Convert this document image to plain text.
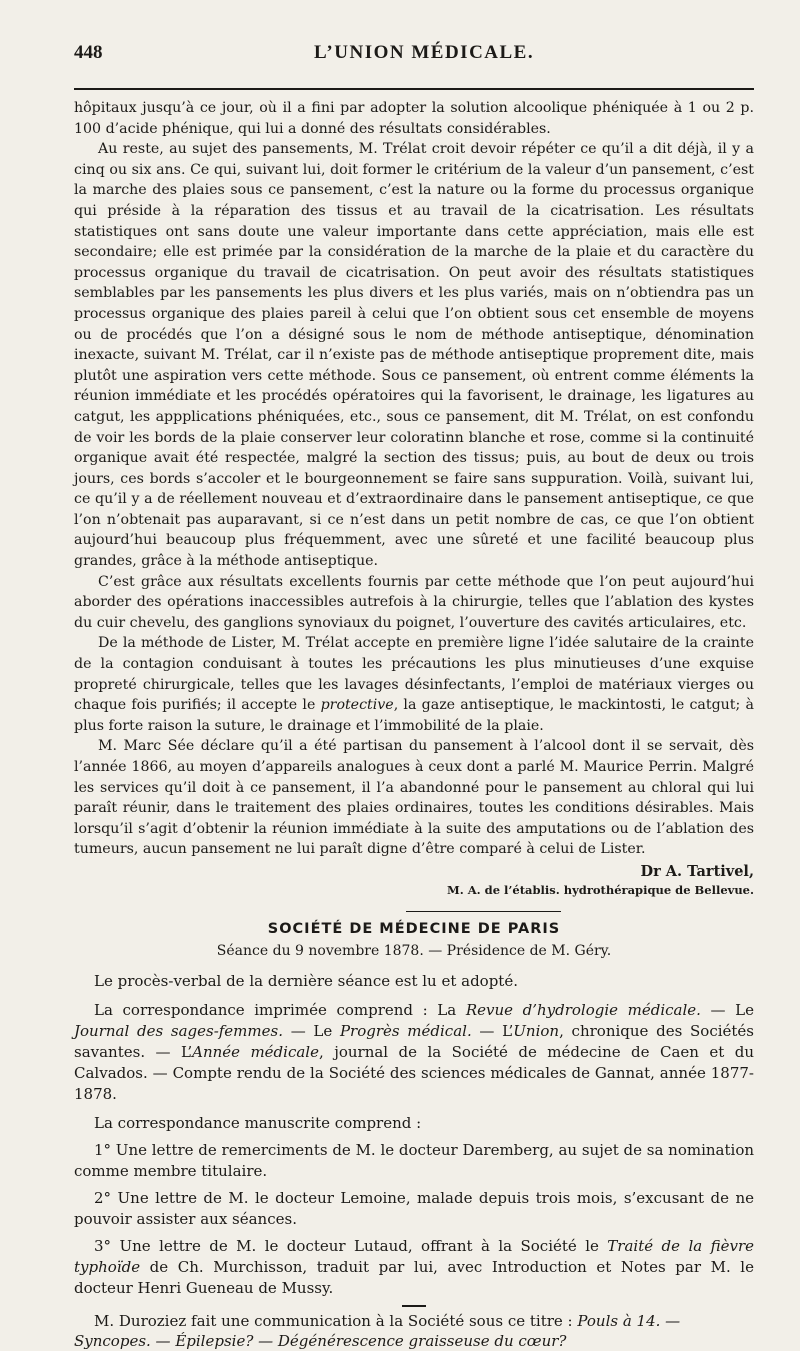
448	L’UNION MÉDICALE.

hôpitaux jusqu’à ce jour, où il a fini par adopter la solution alcoolique phéniquée à 1 ou 2 p. 100 d’acide phénique, qui lui a donné des résultats considérables.

Au reste, au sujet des pansements, M. Trélat croit devoir répéter ce qu’il a dit déjà, il y a cinq ou six ans. Ce qui, suivant lui, doit former le critérium de la valeur d’un pansement, c’est la marche des plaies sous ce pansement, c’est la nature ou la forme du processus organique qui préside à la réparation des tissus et au travail de la cicatrisation. Les résultats statistiques ont sans doute une valeur importante dans cette appréciation, mais elle est secondaire; elle est primée par la considération de la marche de la plaie et du caractère du processus organique du travail de cicatrisation. On peut avoir des résultats statistiques semblables par les pansements les plus divers et les plus variés, mais on n’obtiendra pas un processus organique des plaies pareil à celui que l’on obtient sous cet ensemble de moyens ou de procédés que l’on a désigné sous le nom de méthode antiseptique, dénomination inexacte, suivant M. Trélat, car il n’existe pas de méthode antiseptique proprement dite, mais plutôt une aspiration vers cette méthode. Sous ce pansement, où entrent comme éléments la réunion immédiate et les procédés opératoires qui la favorisent, le drainage, les ligatures au catgut, les appplications phéniquées, etc., sous ce pansement, dit M. Trélat, on est confondu de voir les bords de la plaie conserver leur coloratinn blanche et rose, comme si la continuité organique avait été respectée, malgré la section des tissus; puis, au bout de deux ou trois jours, ces bords s’accoler et le bourgeonnement se faire sans suppuration. Voilà, suivant lui, ce qu’il y a de réellement nouveau et d’extraordinaire dans le pansement antiseptique, ce que l’on n’obtenait pas auparavant, si ce n’est dans un petit nombre de cas, ce que l’on obtient aujourd’hui beaucoup plus fréquemment, avec une sûreté et une facilité beaucoup plus grandes, grâce à la méthode antiseptique.

C’est grâce aux résultats excellents fournis par cette méthode que l’on peut aujourd’hui aborder des opérations inaccessibles autrefois à la chirurgie, telles que l’ablation des kystes du cuir chevelu, des ganglions synoviaux du poignet, l’ouverture des cavités articulaires, etc.

De la méthode de Lister, M. Trélat accepte en première ligne l’idée salutaire de la crainte de la contagion conduisant à toutes les précautions les plus minutieuses d’une exquise propreté chirurgicale, telles que les lavages désinfectants, l’emploi de matériaux vierges ou chaque fois purifiés; il accepte le protective, la gaze antiseptique, le mackintosti, le catgut; à plus forte raison la suture, le drainage et l’immobilité de la plaie.

M. Marc Sée déclare qu’il a été partisan du pansement à l’alcool dont il se servait, dès l’année 1866, au moyen d’appareils analogues à ceux dont a parlé M. Maurice Perrin. Malgré les services qu’il doit à ce pansement, il l’a abandonné pour le pansement au chloral qui lui paraît réunir, dans le traitement des plaies ordinaires, toutes les conditions désirables. Mais lorsqu’il s’agit d’obtenir la réunion immédiate à la suite des amputations ou de l’ablation des tumeurs, aucun pansement ne lui paraît digne d’être comparé à celui de Lister.

Dr A. Tartivel,
M. A. de l’établis. hydrothérapique de Bellevue.
SOCIÉTÉ DE MÉDECINE DE PARIS
Séance du 9 novembre 1878. — Présidence de M. Géry.

Le procès-verbal de la dernière séance est lu et adopté.

La correspondance imprimée comprend : La Revue d’hydrologie médicale. — Le Journal des sages-femmes. — Le Progrès médical. — L’Union, chronique des Sociétés savantes. — L’Année médicale, journal de la Société de médecine de Caen et du Calvados. — Compte rendu de la Société des sciences médicales de Gannat, année 1877-1878.

La correspondance manuscrite comprend :

1° Une lettre de remerciments de M. le docteur Daremberg, au sujet de sa nomination comme membre titulaire.

2° Une lettre de M. le docteur Lemoine, malade depuis trois mois, s’excusant de ne pouvoir assister aux séances.

3° Une lettre de M. le docteur Lutaud, offrant à la Société le Traité de la fièvre typhoïde de Ch. Murchisson, traduit par lui, avec Introduction et Notes par M. le docteur Henri Gueneau de Mussy.

M. Duroziez fait une communication à la Société sous ce titre : Pouls à 14. — Syncopes. — Épilepsie? — Dégénérescence graisseuse du cœur?
